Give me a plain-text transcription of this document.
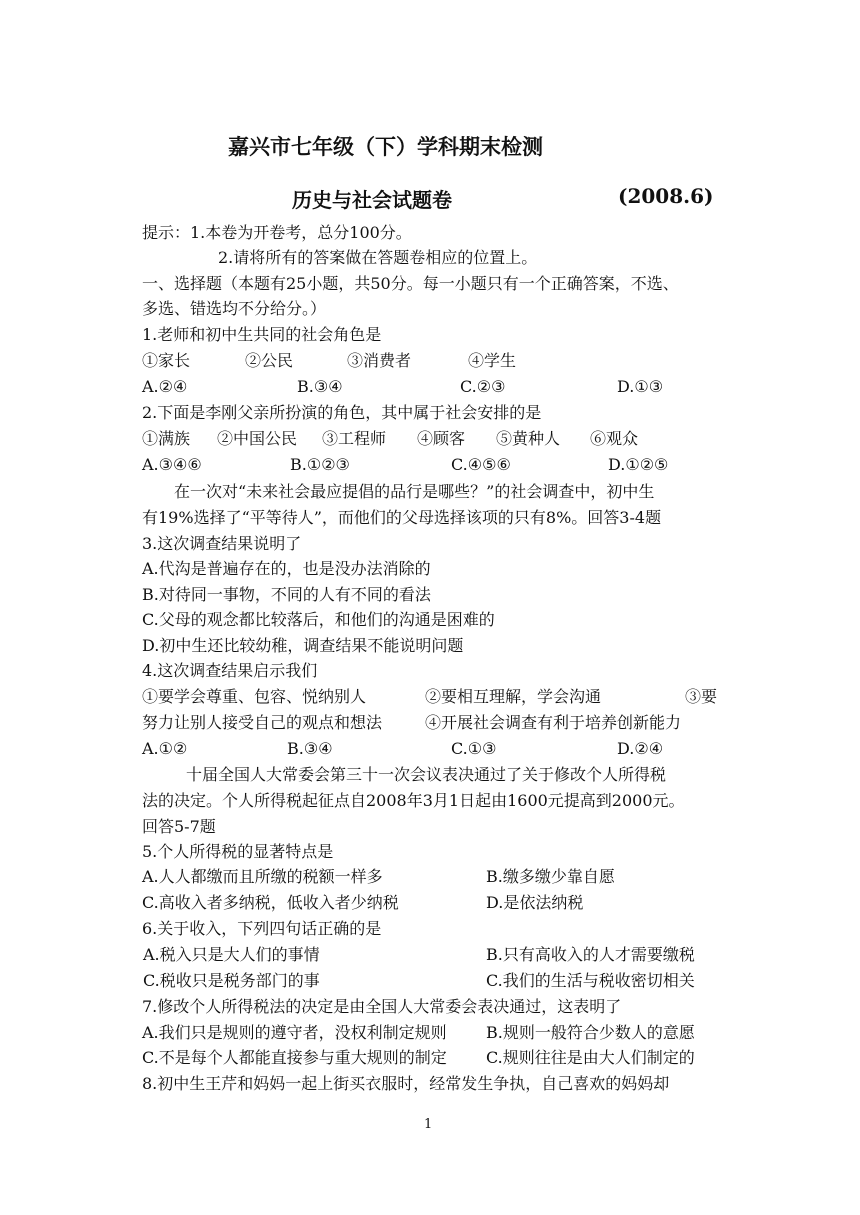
嘉兴市七年级（下）学科期末检测
历史与社会试题卷	(2008.6)
提示：1.本卷为开卷考，总分100分。
2.请将所有的答案做在答题卷相应的位置上。
一、选择题（本题有25小题，共50分。每一小题只有一个正确答案，不选、
多选、错选均不分给分。）
1.老师和初中生共同的社会角色是
①家长	②公民	③消费者	④学生
A.②④	B.③④	C.②③	D.①③
2.下面是李刚父亲所扮演的角色，其中属于社会安排的是
①满族 ②中国公民 ③工程师 ④顾客 ⑤黄种人 ⑥观众
A.③④⑥	B.①②③	C.④⑤⑥	D.①②⑤
在一次对“未来社会最应提倡的品行是哪些？”的社会调查中，初中生
有19%选择了“平等待人”，而他们的父母选择该项的只有8%。回答3-4题
3.这次调查结果说明了
A.代沟是普遍存在的，也是没办法消除的
B.对待同一事物，不同的人有不同的看法
C.父母的观念都比较落后，和他们的沟通是困难的
D.初中生还比较幼稚，调查结果不能说明问题
4.这次调查结果启示我们
①要学会尊重、包容、悦纳别人	②要相互理解，学会沟通	③要
努力让别人接受自己的观点和想法	④开展社会调查有利于培养创新能力
A.①②	B.③④	C.①③	D.②④
十届全国人大常委会第三十一次会议表决通过了关于修改个人所得税
法的决定。个人所得税起征点自2008年3月1日起由1600元提高到2000元。
回答5-7题
5.个人所得税的显著特点是
A.人人都缴而且所缴的税额一样多	B.缴多缴少靠自愿
C.高收入者多纳税，低收入者少纳税	D.是依法纳税
6.关于收入，下列四句话正确的是
A.税入只是大人们的事情	B.只有高收入的人才需要缴税
C.税收只是税务部门的事	C.我们的生活与税收密切相关
7.修改个人所得税法的决定是由全国人大常委会表决通过，这表明了
A.我们只是规则的遵守者，没权利制定规则 B.规则一般符合少数人的意愿
C.不是每个人都能直接参与重大规则的制定 C.规则往往是由大人们制定的
8.初中生王芹和妈妈一起上街买衣服时，经常发生争执，自己喜欢的妈妈却
1
